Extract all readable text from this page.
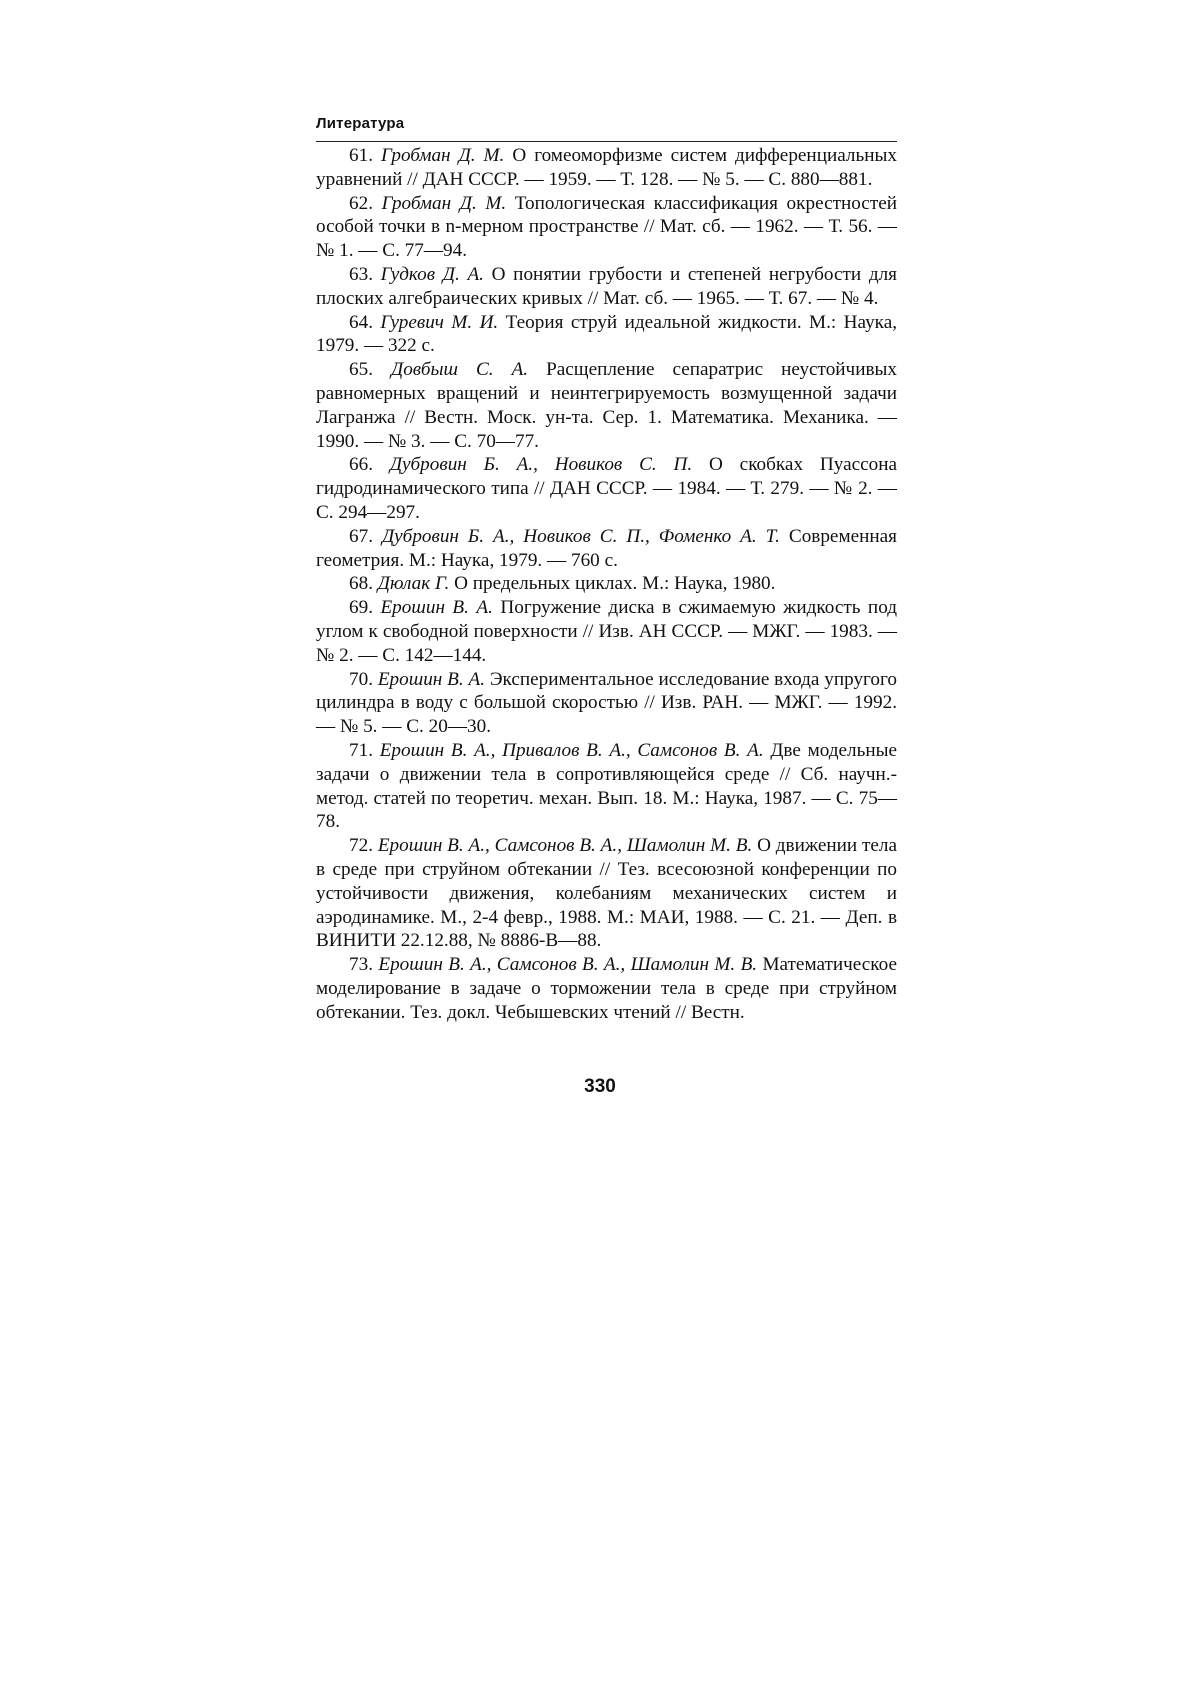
Литература

61. Гробман Д. М. О гомеоморфизме систем дифференциальных уравнений // ДАН СССР. — 1959. — Т. 128. — № 5. — С. 880—881.

62. Гробман Д. М. Топологическая классификация окрестностей особой точки в n-мерном пространстве // Мат. сб. — 1962. — Т. 56. — № 1. — С. 77—94.

63. Гудков Д. А. О понятии грубости и степеней негрубости для плоских алгебраических кривых // Мат. сб. — 1965. — Т. 67. — № 4.

64. Гуревич М. И. Теория струй идеальной жидкости. М.: Наука, 1979. — 322 с.

65. Довбыш С. А. Расщепление сепаратрис неустойчивых равномерных вращений и неинтегрируемость возмущенной задачи Лагранжа // Вестн. Моск. ун-та. Сер. 1. Математика. Механика. — 1990. — № 3. — С. 70—77.

66. Дубровин Б. А., Новиков С. П. О скобках Пуассона гидродинамического типа // ДАН СССР. — 1984. — Т. 279. — № 2. — С. 294—297.

67. Дубровин Б. А., Новиков С. П., Фоменко А. Т. Современная геометрия. М.: Наука, 1979. — 760 с.

68. Дюлак Г. О предельных циклах. М.: Наука, 1980.

69. Ерошин В. А. Погружение диска в сжимаемую жидкость под углом к свободной поверхности // Изв. АН СССР. — МЖГ. — 1983. — № 2. — С. 142—144.

70. Ерошин В. А. Экспериментальное исследование входа упругого цилиндра в воду с большой скоростью // Изв. РАН. — МЖГ. — 1992. — № 5. — С. 20—30.

71. Ерошин В. А., Привалов В. А., Самсонов В. А. Две модельные задачи о движении тела в сопротивляющейся среде // Сб. научн.-метод. статей по теоретич. механ. Вып. 18. М.: Наука, 1987. — С. 75—78.

72. Ерошин В. А., Самсонов В. А., Шамолин М. В. О движении тела в среде при струйном обтекании // Тез. всесоюзной конференции по устойчивости движения, колебаниям механических систем и аэродинамике. М., 2-4 февр., 1988. М.: МАИ, 1988. — С. 21. — Деп. в ВИНИТИ 22.12.88, № 8886-В—88.

73. Ерошин В. А., Самсонов В. А., Шамолин М. В. Математическое моделирование в задаче о торможении тела в среде при струйном обтекании. Тез. докл. Чебышевских чтений // Вестн.

330
